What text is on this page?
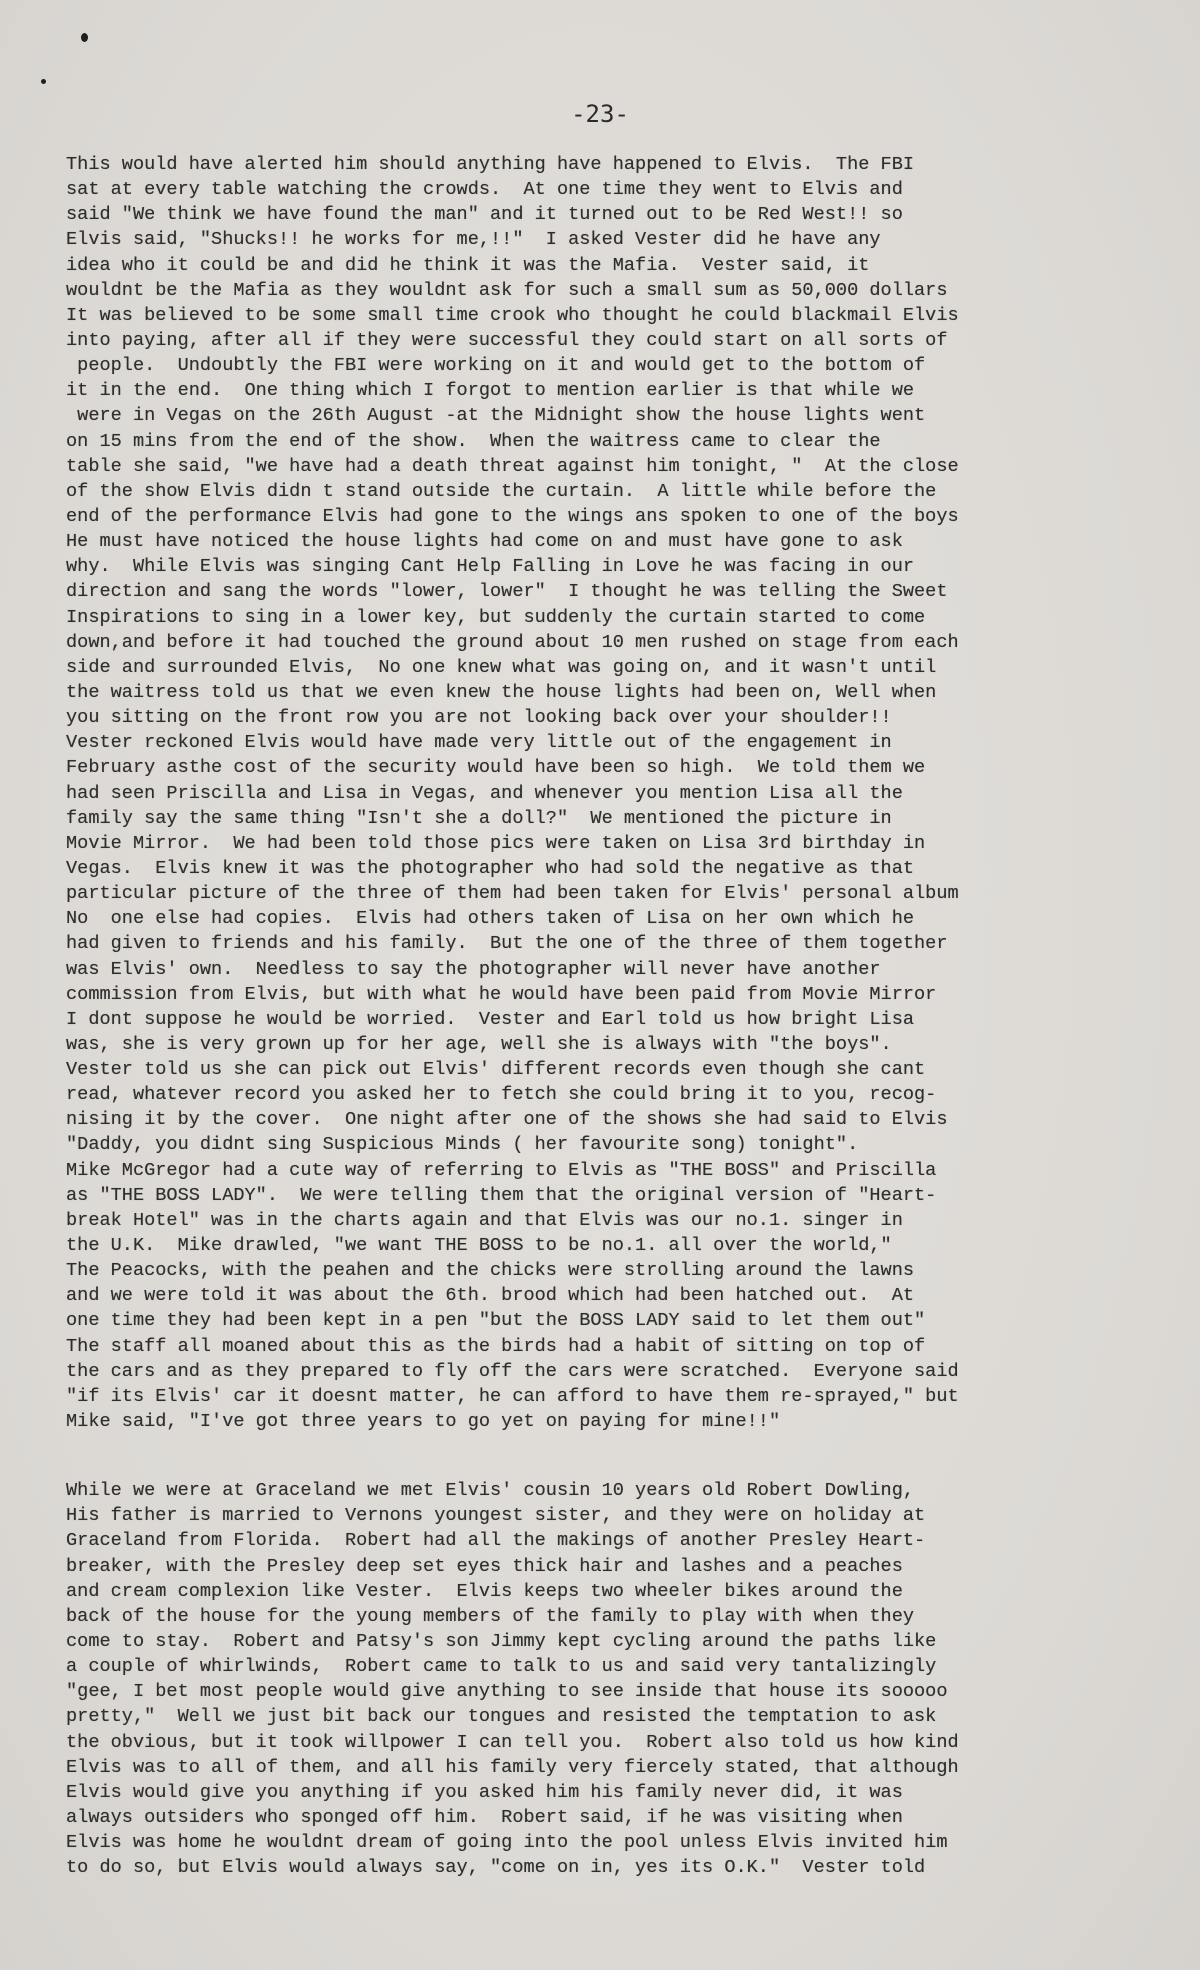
-23-
This would have alerted him should anything have happened to Elvis.  The FBI
sat at every table watching the crowds.  At one time they went to Elvis and
said "We think we have found the man" and it turned out to be Red West!! so
Elvis said, "Shucks!! he works for me,!!"  I asked Vester did he have any
idea who it could be and did he think it was the Mafia.  Vester said, it
wouldnt be the Mafia as they wouldnt ask for such a small sum as 50,000 dollars
It was believed to be some small time crook who thought he could blackmail Elvis
into paying, after all if they were successful they could start on all sorts of
people.  Undoubtly the FBI were working on it and would get to the bottom of
it in the end.  One thing which I forgot to mention earlier is that while we
were in Vegas on the 26th August -at the Midnight show the house lights went
on 15 mins from the end of the show.  When the waitress came to clear the
table she said, "we have had a death threat against him tonight, "  At the close
of the show Elvis didn t stand outside the curtain.  A little while before the
end of the performance Elvis had gone to the wings ans spoken to one of the boys
He must have noticed the house lights had come on and must have gone to ask
why.  While Elvis was singing Cant Help Falling in Love he was facing in our
direction and sang the words "lower, lower"  I thought he was telling the Sweet
Inspirations to sing in a lower key, but suddenly the curtain started to come
down,and before it had touched the ground about 10 men rushed on stage from each
side and surrounded Elvis,  No one knew what was going on, and it wasn't until
the waitress told us that we even knew the house lights had been on, Well when
you sitting on the front row you are not looking back over your shoulder!!
Vester reckoned Elvis would have made very little out of the engagement in
February asthe cost of the security would have been so high.  We told them we
had seen Priscilla and Lisa in Vegas, and whenever you mention Lisa all the
family say the same thing "Isn't she a doll?"  We mentioned the picture in
Movie Mirror.  We had been told those pics were taken on Lisa 3rd birthday in
Vegas.  Elvis knew it was the photographer who had sold the negative as that
particular picture of the three of them had been taken for Elvis' personal album
No  one else had copies.  Elvis had others taken of Lisa on her own which he
had given to friends and his family.  But the one of the three of them together
was Elvis' own.  Needless to say the photographer will never have another
commission from Elvis, but with what he would have been paid from Movie Mirror
I dont suppose he would be worried.  Vester and Earl told us how bright Lisa
was, she is very grown up for her age, well she is always with "the boys".
Vester told us she can pick out Elvis' different records even though she cant
read, whatever record you asked her to fetch she could bring it to you, recog-
nising it by the cover.  One night after one of the shows she had said to Elvis
"Daddy, you didnt sing Suspicious Minds ( her favourite song) tonight".
Mike McGregor had a cute way of referring to Elvis as "THE BOSS" and Priscilla
as "THE BOSS LADY".  We were telling them that the original version of "Heart-
break Hotel" was in the charts again and that Elvis was our no.1. singer in
the U.K.  Mike drawled, "we want THE BOSS to be no.1. all over the world,"
The Peacocks, with the peahen and the chicks were strolling around the lawns
and we were told it was about the 6th. brood which had been hatched out.  At
one time they had been kept in a pen "but the BOSS LADY said to let them out"
The staff all moaned about this as the birds had a habit of sitting on top of
the cars and as they prepared to fly off the cars were scratched.  Everyone said
"if its Elvis' car it doesnt matter, he can afford to have them re-sprayed," but
Mike said, "I've got three years to go yet on paying for mine!!"
While we were at Graceland we met Elvis' cousin 10 years old Robert Dowling,
His father is married to Vernons youngest sister, and they were on holiday at
Graceland from Florida.  Robert had all the makings of another Presley Heart-
breaker, with the Presley deep set eyes thick hair and lashes and a peaches
and cream complexion like Vester.  Elvis keeps two wheeler bikes around the
back of the house for the young members of the family to play with when they
come to stay.  Robert and Patsy's son Jimmy kept cycling around the paths like
a couple of whirlwinds,  Robert came to talk to us and said very tantalizingly
"gee, I bet most people would give anything to see inside that house its sooooo
pretty,"  Well we just bit back our tongues and resisted the temptation to ask
the obvious, but it took willpower I can tell you.  Robert also told us how kind
Elvis was to all of them, and all his family very fiercely stated, that although
Elvis would give you anything if you asked him his family never did, it was
always outsiders who sponged off him.  Robert said, if he was visiting when
Elvis was home he wouldnt dream of going into the pool unless Elvis invited him
to do so, but Elvis would always say, "come on in, yes its O.K."  Vester told
